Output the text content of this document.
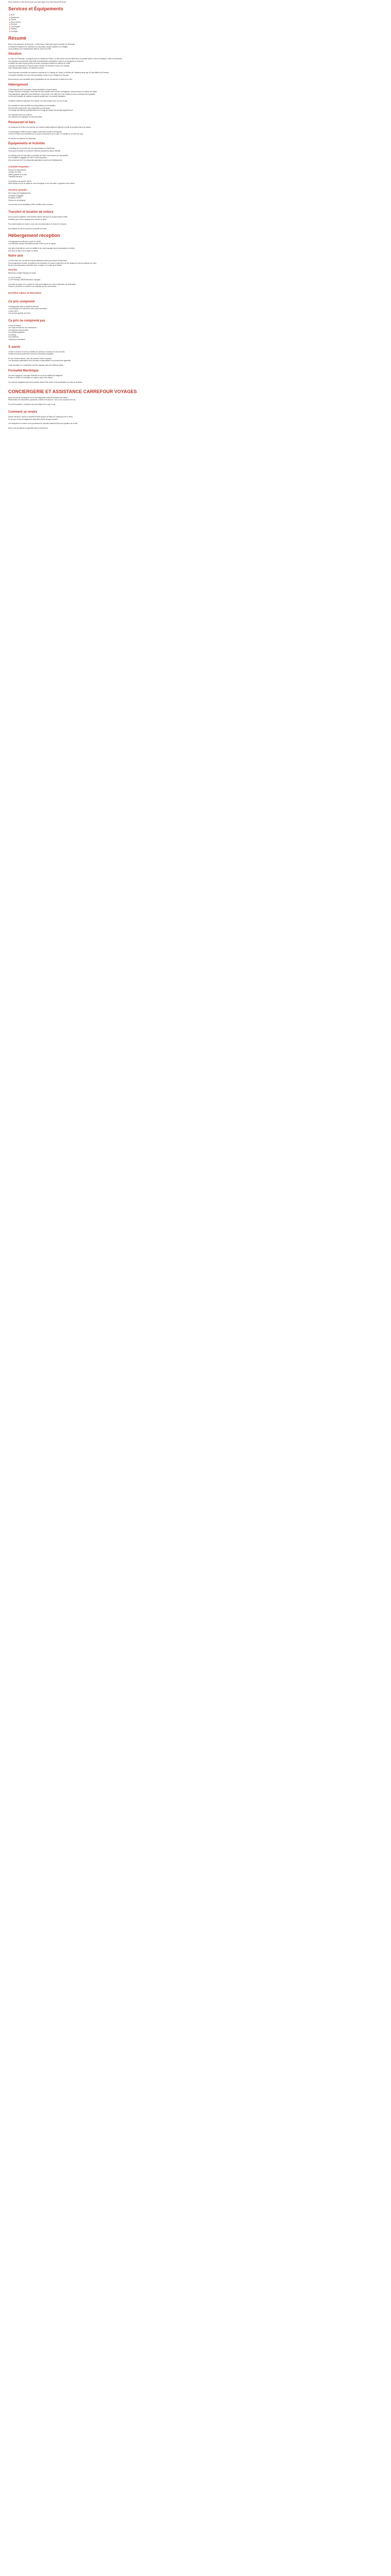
Nous sommes à votre service pour que votre séjour à La Villa Gaudí soit réussi.
Services et Équipements
■Wi-Fi
■Restaurant
■Piscine
■Room service
■Terrasse
■Conciergerie
■Parking
■Consigne
Résumé
Nous vous proposons de découvrir La Villa Gaudí, hôtel situé dans le quartier de l'Eixample.
Le bâtiment comprend 52 chambres à la décoration unique réparties sur 6 étages.
Vous profiterez d'un emplacement idéal au cœur de la ville.
Situation
Au cœur de l'Eixample, à quelques pas du Passeig de Gràcia, La Villa Gaudí vous accueille dans un quartier animé, riche en boutiques, cafés et restaurants.
Les principaux monuments moderniste sont facilement accessibles à pied ou en transports en commun.
La station de métro la plus proche se trouve à quelques minutes de marche de l'hôtel.
L'aéroport de Barcelone-El Prat est situé à environ 30 minutes en taxi ou en navette.
Gare de Barcelone-Sants à 15 minutes en métro.
Vous trouverez à proximité de nombreux commerces, le Passeig de Gràcia, la Rambla de Catalunya ainsi que la Casa Batlló et la Pedrera.
Le quartier Gothique et le port sont accessibles à pied en une vingtaine de minutes.
Nous pouvons vous conseiller dans l'organisation de vos excursions et visites de la ville.
Hébergement
L'hôtel dispose de 52 chambres, toutes climatisées et insonorisées.
Chaque chambre est équipée d'une salle de bain privative avec douche ou baignoire, sèche-cheveux et articles de toilette.
Vous disposerez également d'une télévision à écran plat, d'un coffre-fort, d'un minibar et d'une connexion Wi-Fi gratuite.
Les lits sont équipés de matelas de grande qualité pour un sommeil réparateur.
Certaines chambres disposent d'un balcon ou d'une terrasse avec vue sur la ville.
Des chambres communicantes sont disponibles pour les familles.
Des lits bébé peuvent être mis à disposition sur demande.
Le ménage est effectué quotidiennement et le linge de maison est changé régulièrement.
Les chambres sont non-fumeurs.
Les animaux de compagnie ne sont pas admis.
Restaurant et bars
Le restaurant de l'hôtel vous propose une cuisine méditerranéenne élaborée à partir de produits frais et de saison.
Le petit-déjeuner buffet est servi chaque matin dans la salle du restaurant.
Le bar de l'hôtel vous accueille tout au long de la journée pour un café, un cocktail ou un verre de cava.
Un service en chambre est disponible.
Équipements et Activités
La terrasse sur le toit offre une vue panoramique sur Barcelone.
Vous pourrez profiter de la piscine extérieure pendant la saison estivale.
Un parking privé est disponible à proximité de l'hôtel, sous réserve de disponibilité.
Une consigne à bagages est mise à votre disposition.
Une connexion Wi-Fi est disponible gratuitement dans tout l'établissement.
Activités Payantes :
Service de blanchisserie.
Location de vélos.
Visites guidées de la ville.
Transferts aéroport.
La réception est ouverte 24h/24.
Notre équipe se fera un plaisir de vous renseigner et de vous aider à organiser votre séjour.
Services gratuits :
Wi-Fi dans tout l'établissement.
Consigne à bagages.
Réception 24h/24.
Service de conciergerie.
Les services sont susceptibles d'être modifiés selon la saison.
Transfert et location de voiture
Nous pouvons organiser votre transfert depuis l'aéroport ou la gare jusqu'à l'hôtel.
N'hésitez pas à nous contacter pour obtenir un devis.
Pour toute location de voiture, nous vous recommandons de réserver à l'avance.
Des stations de taxi se trouvent à proximité de l'hôtel.
Hébergement réception
L'enregistrement s'effectue à partir de 14h00.
Les chambres doivent être libérées avant 12h00 le jour du départ.
Une pièce d'identité en cours de validité et une carte bancaire seront demandées à l'arrivée.
Une taxe de séjour est à régler sur place.
Notre avis
La Villa Gaudí est un hôtel de charme idéalement situé pour découvrir Barcelone.
Son emplacement central, la qualité de ses chambres et l'accueil chaleureux de son équipe en font une adresse de choix.
Nous le recommandons aussi bien pour un séjour en couple qu'en famille.
Voucher
Bienvenue à l'hôtel Passeig de Gràcia
LA VILLA GAUDÍ
C/ de Provença, 08008 Barcelona, Espagne
Vos dates de séjour et le nombre de nuits sont indiqués sur votre confirmation de réservation.
Pensez à présenter ce voucher à la réception lors de votre arrivée.
Excellent séjour en Barcelona
Ce prix comprend
L'hébergement dans la chambre réservée.
Le petit-déjeuner si mentionné dans votre réservation.
L'accès Wi-Fi.
Les services gratuits de l'hôtel.
Ce prix ne comprend pas
La taxe de séjour.
Les repas et boissons non mentionnés.
Les dépenses personnelles.
Les activités payantes.
Le parking.
Les transferts.
L'assurance annulation.
À savoir
L'hôtel se réserve le droit de modifier les horaires d'ouverture de ses services.
Certains services peuvent être soumis à réservation préalable.
En cas d'arrivée tardive, merci de prévenir l'hôtel à l'avance.
Les demandes particulières sont soumises à disponibilité et ne peuvent être garanties.
Toute annulation ou modification doit être signalée dans les meilleurs délais.
Formalité Martinique
Pour les voyageurs, une pièce d'identité en cours de validité est obligatoire.
Pensez à vérifier les formalités en vigueur avant votre départ.
Les mineurs voyageant sans leurs parents doivent être munis d'une autorisation de sortie du territoire.
CONCIERGERIE ET ASSISTANCE CARREFOUR VOYAGES
Notre service de conciergerie est à votre disposition avant et pendant votre séjour.
Réservations de restaurants, spectacles, visites et excursions : nous nous occupons de tout.
Pour toute question, contactez-nous par téléphone ou par e-mail.
Comment se rendre
Depuis l'aéroport, prenez la navette Aerobús jusqu'à la Plaça de Catalunya puis le métro.
Un service de taxi est également disponible devant chaque terminal.
Les transports en commun vous permettent de rejoindre facilement tous les quartiers de la ville.
Nous vous souhaitons un agréable séjour à Barcelone.
